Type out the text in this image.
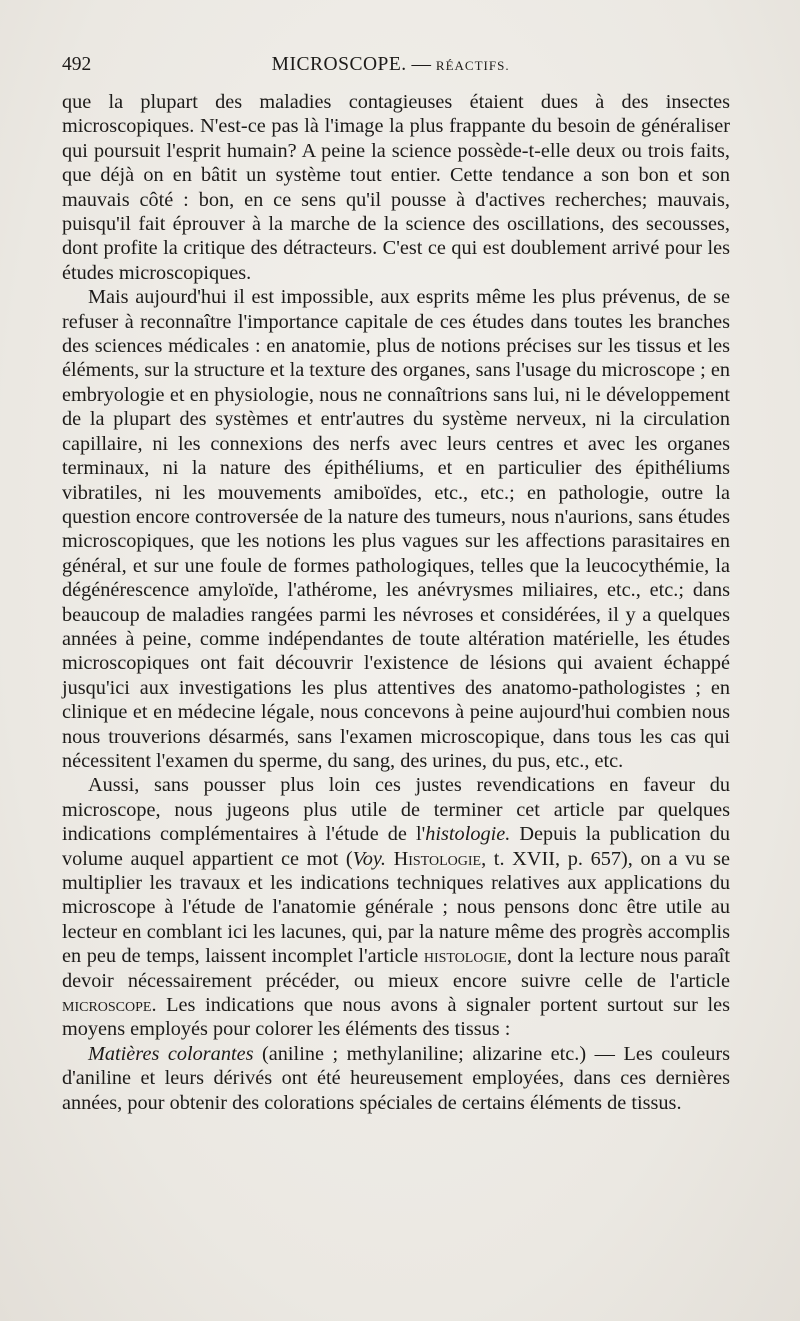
492	MICROSCOPE. — RÉACTIFS.

que la plupart des maladies contagieuses étaient dues à des insectes microscopiques. N'est-ce pas là l'image la plus frappante du besoin de généraliser qui poursuit l'esprit humain? A peine la science possède-t-elle deux ou trois faits, que déjà on en bâtit un système tout entier. Cette tendance a son bon et son mauvais côté : bon, en ce sens qu'il pousse à d'actives recherches; mauvais, puisqu'il fait éprouver à la marche de la science des oscillations, des secousses, dont profite la critique des détracteurs. C'est ce qui est doublement arrivé pour les études microscopiques.

Mais aujourd'hui il est impossible, aux esprits même les plus prévenus, de se refuser à reconnaître l'importance capitale de ces études dans toutes les branches des sciences médicales : en anatomie, plus de notions précises sur les tissus et les éléments, sur la structure et la texture des organes, sans l'usage du microscope ; en embryologie et en physiologie, nous ne connaîtrions sans lui, ni le développement de la plupart des systèmes et entr'autres du système nerveux, ni la circulation capillaire, ni les connexions des nerfs avec leurs centres et avec les organes terminaux, ni la nature des épithéliums, et en particulier des épithéliums vibratiles, ni les mouvements amiboïdes, etc., etc.; en pathologie, outre la question encore controversée de la nature des tumeurs, nous n'aurions, sans études microscopiques, que les notions les plus vagues sur les affections parasitaires en général, et sur une foule de formes pathologiques, telles que la leucocythémie, la dégénérescence amyloïde, l'athérome, les anévrysmes miliaires, etc., etc.; dans beaucoup de maladies rangées parmi les névroses et considérées, il y a quelques années à peine, comme indépendantes de toute altération matérielle, les études microscopiques ont fait découvrir l'existence de lésions qui avaient échappé jusqu'ici aux investigations les plus attentives des anatomo-pathologistes ; en clinique et en médecine légale, nous concevons à peine aujourd'hui combien nous nous trouverions désarmés, sans l'examen microscopique, dans tous les cas qui nécessitent l'examen du sperme, du sang, des urines, du pus, etc., etc.

Aussi, sans pousser plus loin ces justes revendications en faveur du microscope, nous jugeons plus utile de terminer cet article par quelques indications complémentaires à l'étude de l'histologie. Depuis la publication du volume auquel appartient ce mot (Voy. Histologie, t. XVII, p. 657), on a vu se multiplier les travaux et les indications techniques relatives aux applications du microscope à l'étude de l'anatomie générale ; nous pensons donc être utile au lecteur en comblant ici les lacunes, qui, par la nature même des progrès accomplis en peu de temps, laissent incomplet l'article histologie, dont la lecture nous paraît devoir nécessairement précéder, ou mieux encore suivre celle de l'article microscope. Les indications que nous avons à signaler portent surtout sur les moyens employés pour colorer les éléments des tissus :

Matières colorantes (aniline ; methylaniline; alizarine etc.) — Les couleurs d'aniline et leurs dérivés ont été heureusement employées, dans ces dernières années, pour obtenir des colorations spéciales de certains éléments de tissus.
